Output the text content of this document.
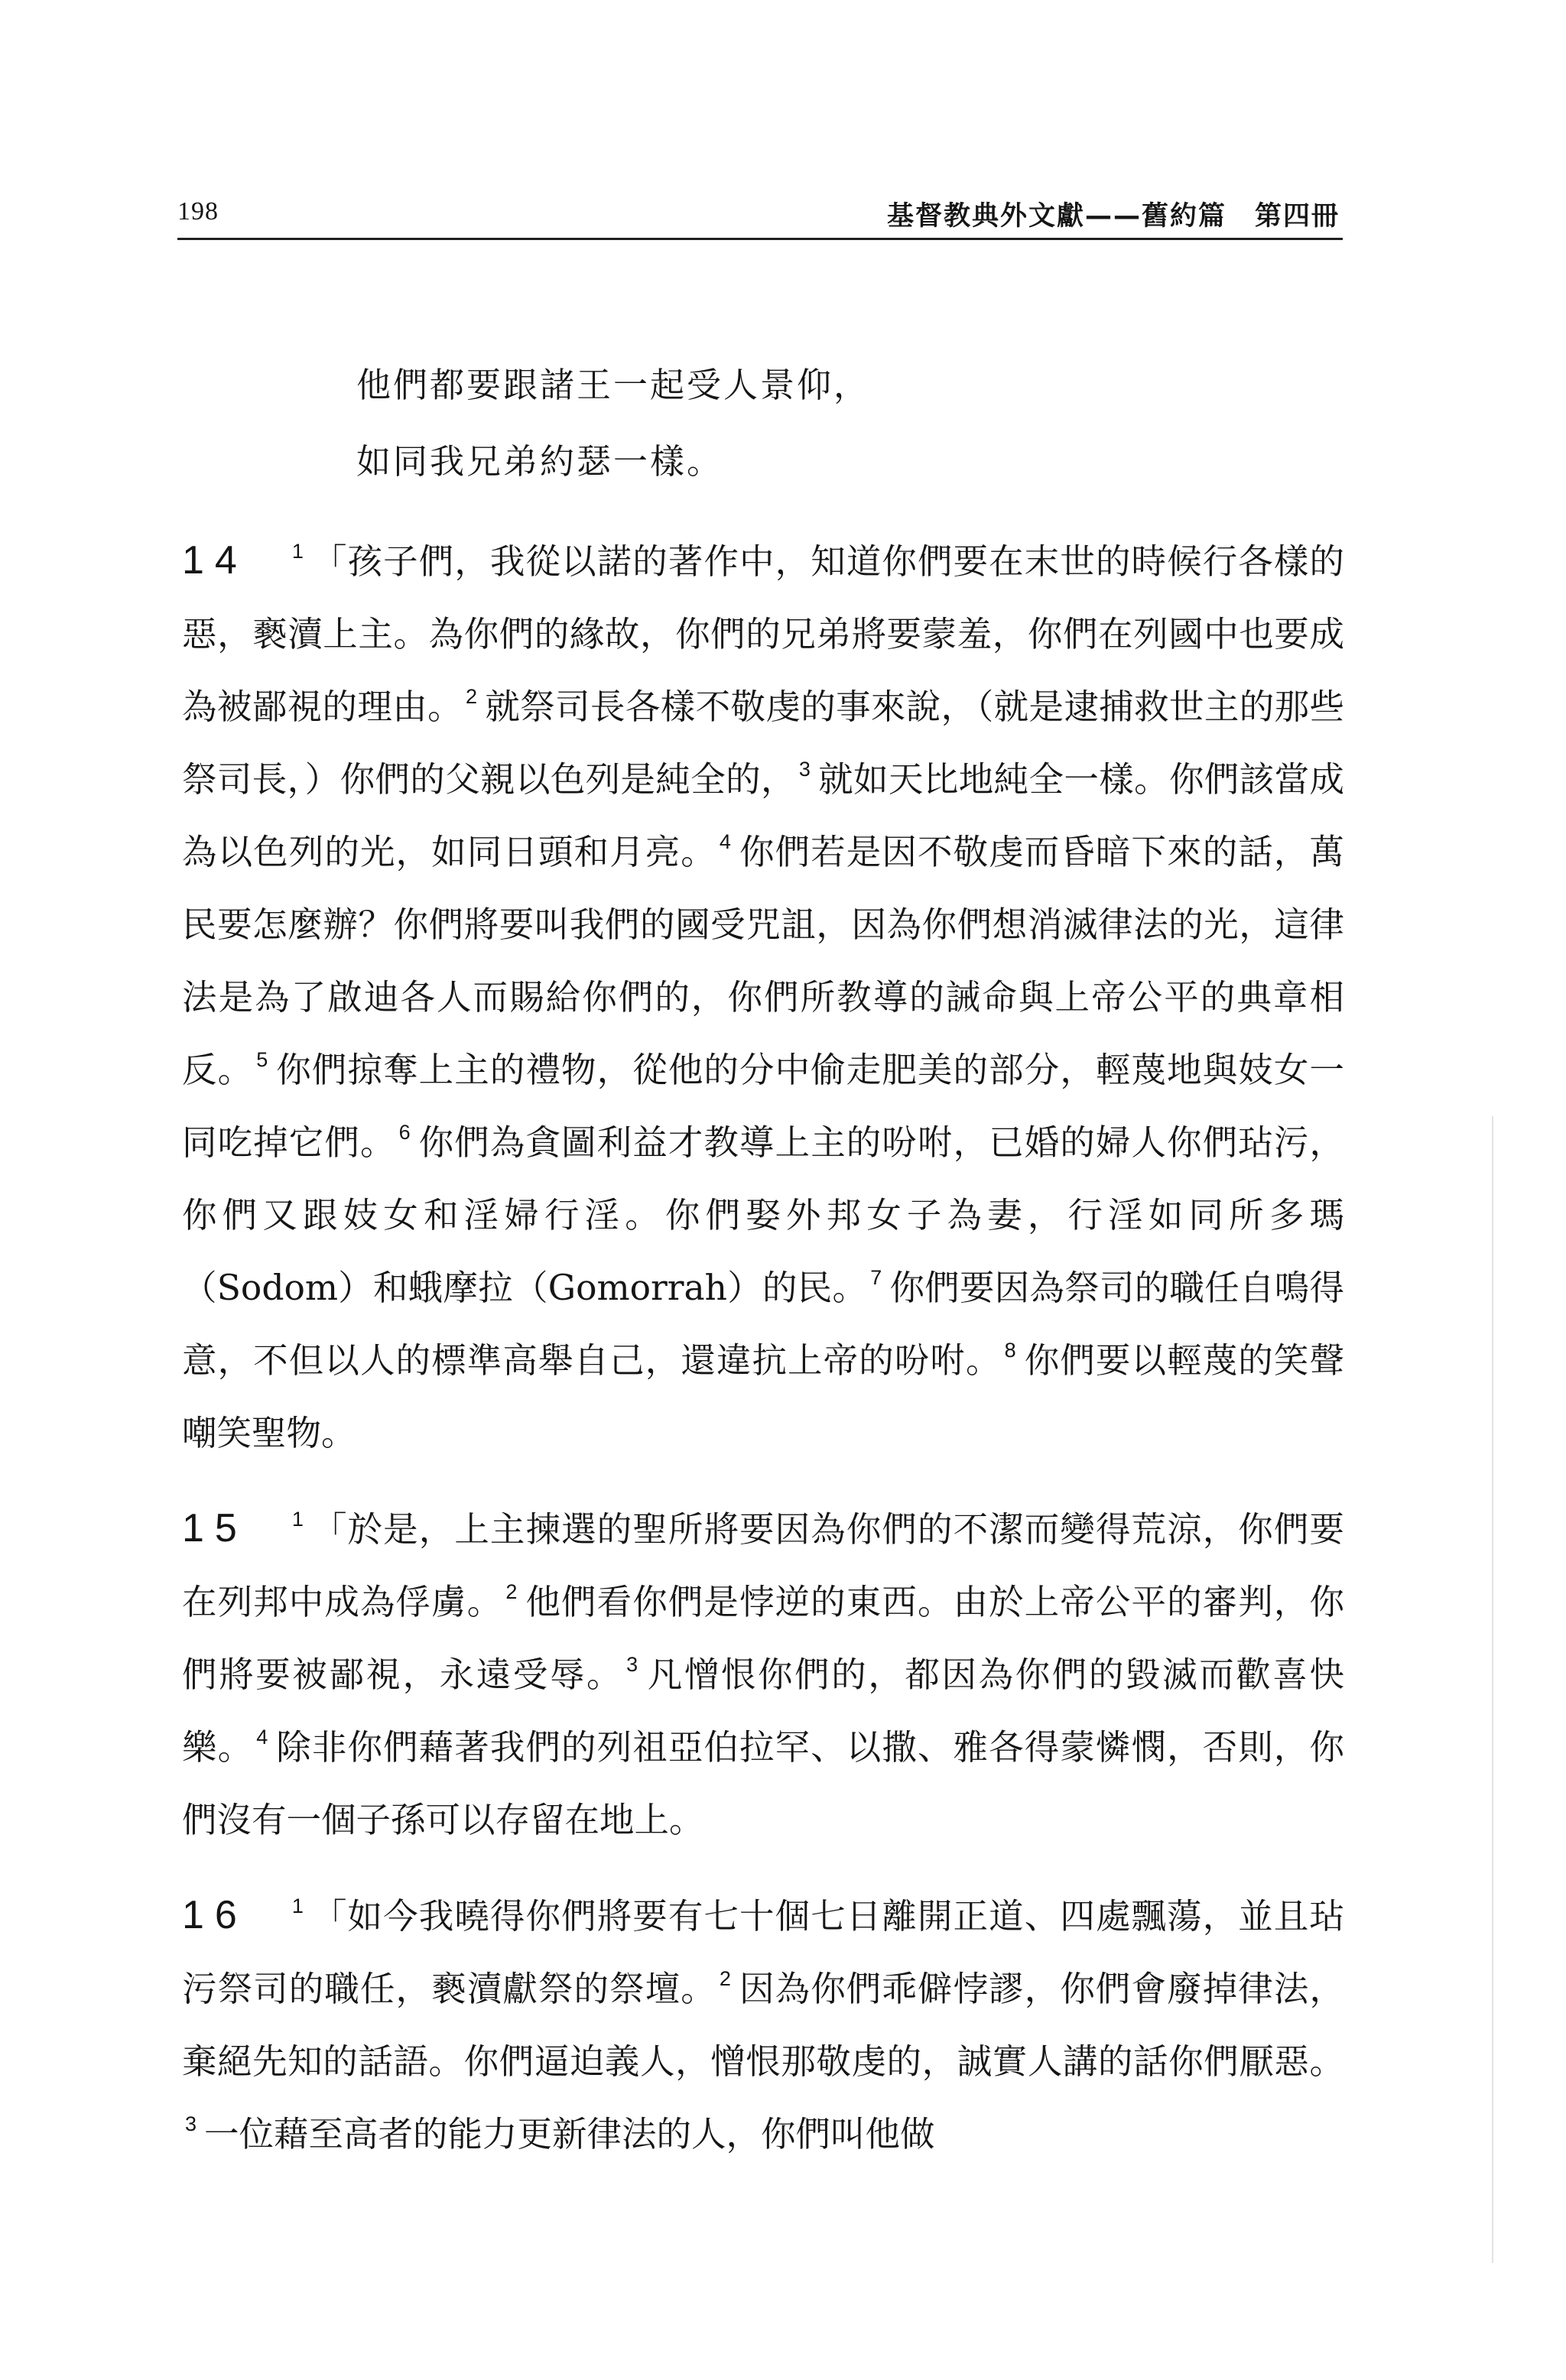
198	基督教典外文獻——舊約篇　第四冊
他們都要跟諸王一起受人景仰，
如同我兄弟約瑟一樣。
14 $^1$ 「孩子們，我從以諾的著作中，知道你們要在末世的時候行各樣的惡，褻瀆上主。為你們的緣故，你們的兄弟將要蒙羞，你們在列國中也要成為被鄙視的理由。 $^2$ 就祭司長各樣不敬虔的事來說，（就是逮捕救世主的那些祭司長，）你們的父親以色列是純全的， $^3$ 就如天比地純全一樣。你們該當成為以色列的光，如同日頭和月亮。 $^4$ 你們若是因不敬虔而昏暗下來的話，萬民要怎麼辦？你們將要叫我們的國受咒詛，因為你們想消滅律法的光，這律法是為了啟迪各人而賜給你們的，你們所教導的誡命與上帝公平的典章相反。 $^5$ 你們掠奪上主的禮物，從他的分中偷走肥美的部分，輕蔑地與妓女一同吃掉它們。 $^6$ 你們為貪圖利益才教導上主的吩咐，已婚的婦人你們玷污，你們又跟妓女和淫婦行淫。你們娶外邦女子為妻，行淫如同所多瑪（Sodom）和蛾摩拉（Gomorrah）的民。 $^7$ 你們要因為祭司的職任自鳴得意，不但以人的標準高舉自己，還違抗上帝的吩咐。 $^8$ 你們要以輕蔑的笑聲嘲笑聖物。
15 $^1$ 「於是，上主揀選的聖所將要因為你們的不潔而變得荒涼，你們要在列邦中成為俘虜。 $^2$ 他們看你們是悖逆的東西。由於上帝公平的審判，你們將要被鄙視，永遠受辱。 $^3$ 凡憎恨你們的，都因為你們的毀滅而歡喜快樂。 $^4$ 除非你們藉著我們的列祖亞伯拉罕、以撒、雅各得蒙憐憫，否則，你們沒有一個子孫可以存留在地上。
16 $^1$ 「如今我曉得你們將要有七十個七日離開正道、四處飄蕩，並且玷污祭司的職任，褻瀆獻祭的祭壇。 $^2$ 因為你們乖僻悖謬，你們會廢掉律法，棄絕先知的話語。你們逼迫義人，憎恨那敬虔的，誠實人講的話你們厭惡。$^3$ 一位藉至高者的能力更新律法的人，你們叫他做
